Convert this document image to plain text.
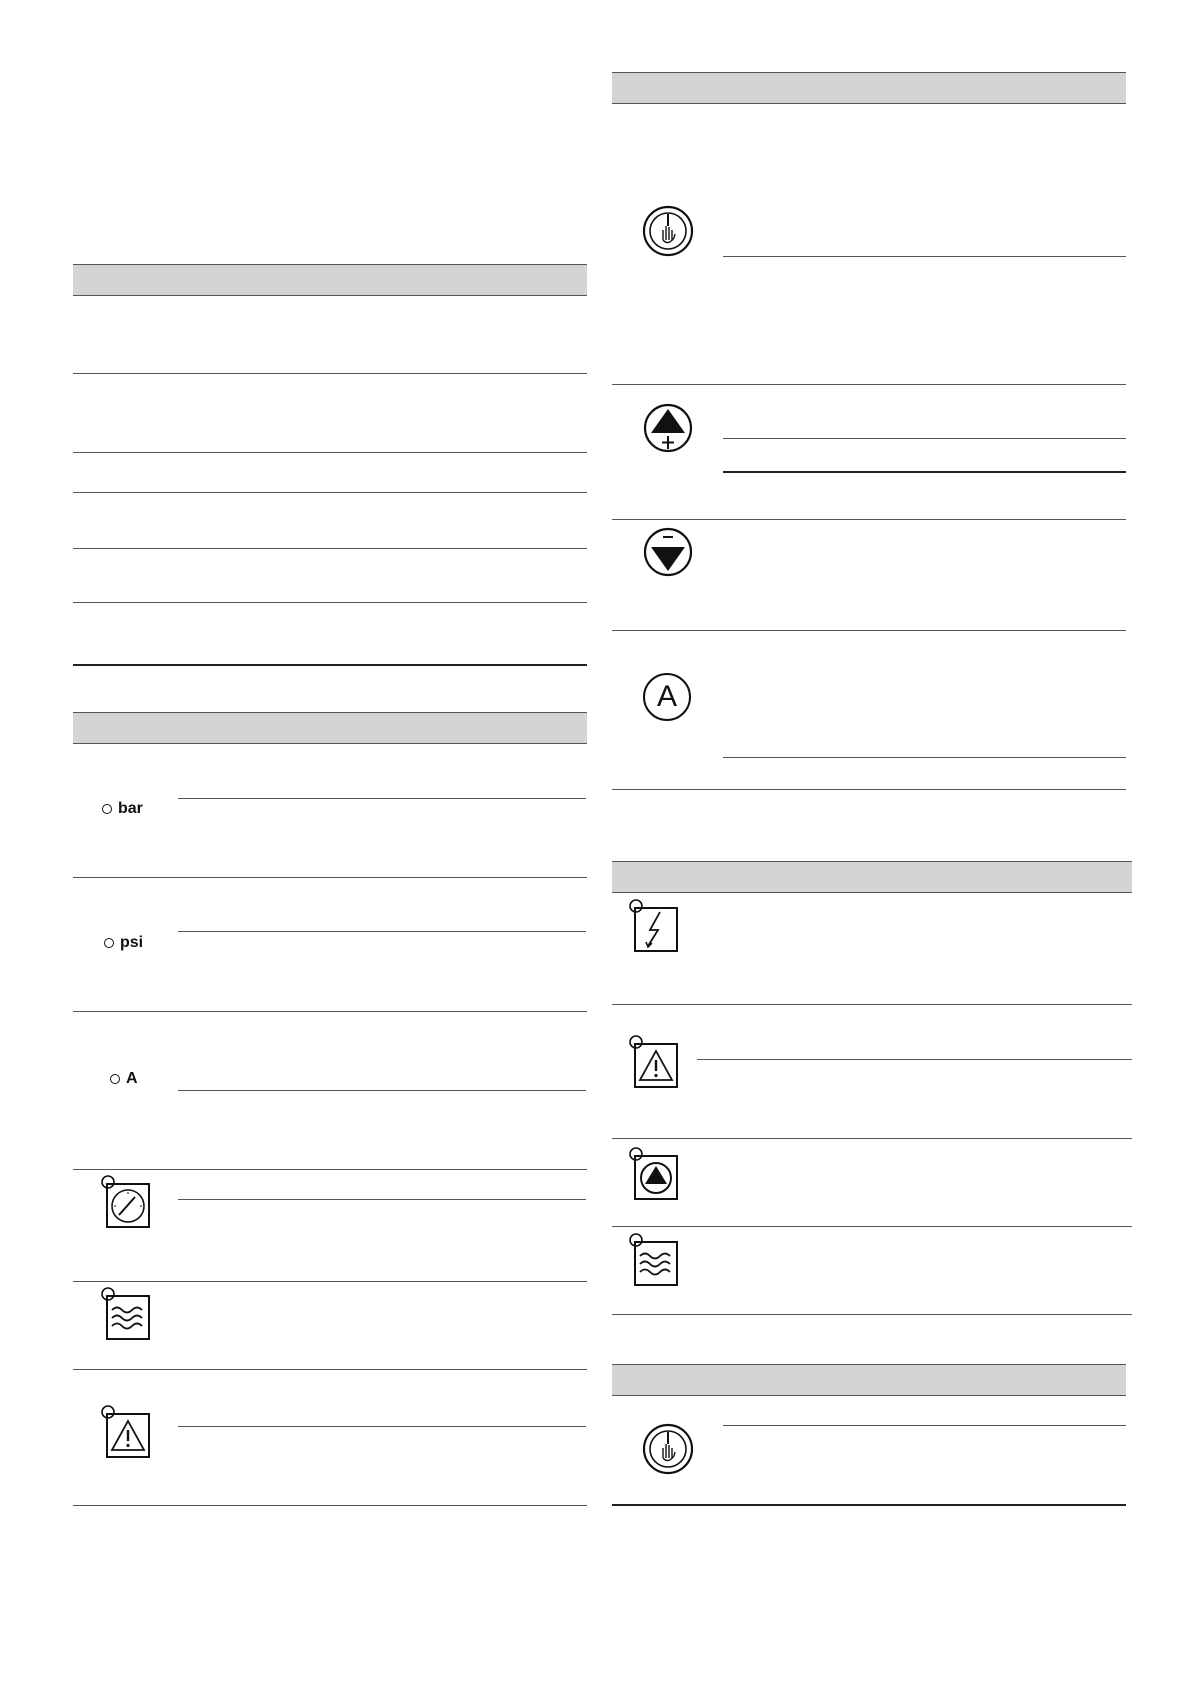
bar
psi
A
A
